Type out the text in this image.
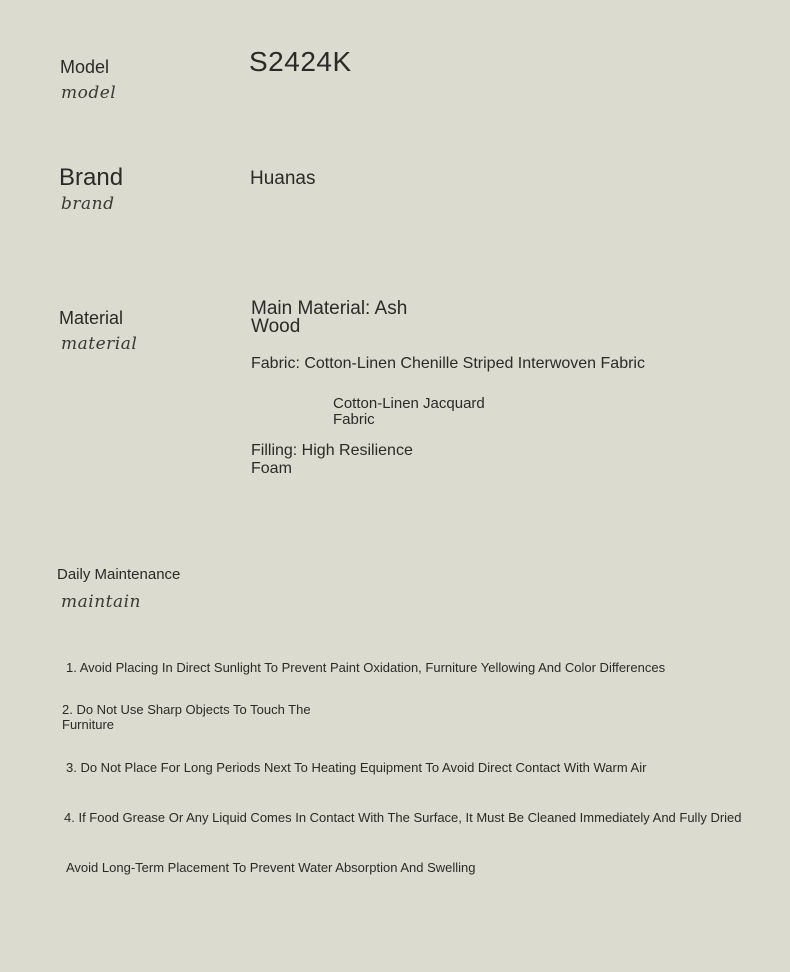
Model
model
S2424K
Brand
brand
Huanas
Material
material
Main Material: Ash Wood
Fabric: Cotton-Linen Chenille Striped Interwoven Fabric
Cotton-Linen Jacquard Fabric
Filling: High Resilience Foam
Daily Maintenance
maintain
1. Avoid Placing In Direct Sunlight To Prevent Paint Oxidation, Furniture Yellowing And Color Differences
2. Do Not Use Sharp Objects To Touch The Furniture
3. Do Not Place For Long Periods Next To Heating Equipment To Avoid Direct Contact With Warm Air
4. If Food Grease Or Any Liquid Comes In Contact With The Surface, It Must Be Cleaned Immediately And Fully Dried
Avoid Long-Term Placement To Prevent Water Absorption And Swelling
